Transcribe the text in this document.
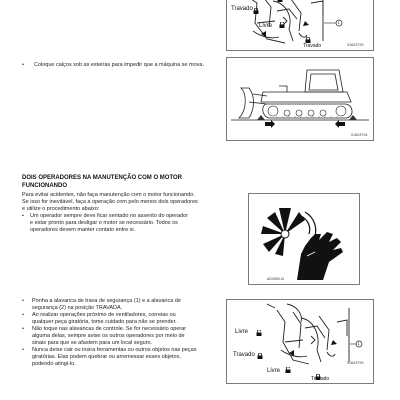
Travado
Livre
Travado
1
9JA03793
• Coloque calços sob as esteiras para impedir que a máquina se mova.
9JA03794
DOIS OPERADORES NA MANUTENÇÃO COM O MOTOR
FUNCIONANDO
Para evitar acidentes, não faça manutenção com o motor funcionando.
Se isso for inevitável, faça a operação com pelo menos dois operadores
e utilize o procedimento abaixo:
• Um operador sempre deve ficar sentado no assento do operador
e estar pronto para desligar o motor se necessário. Todos os
operadores devem manter contato entre si.
AD055210
•	Ponha a alavanca de trava de segurança (1) e a alavanca de
segurança (2) na posição TRAVADA.
•	Ao realizar operações próximo de ventiladores, correias ou
qualquer peça giratória, tome cuidado para não se prender.
•	Não toque nas alavancas de controle. Se for necessário operar
alguma delas, sempre avise os outros operadores por meio de
sinais para que se afastem para um local seguro.
•	Nunca deixe cair ou insira ferramentas ou outros objetos nas peças
giratórias. Elas podem quebrar ou arremessar esses objetos,
podendo atingi-lo.
Livre
Travado
Livre
Travado
1
9JA03793
